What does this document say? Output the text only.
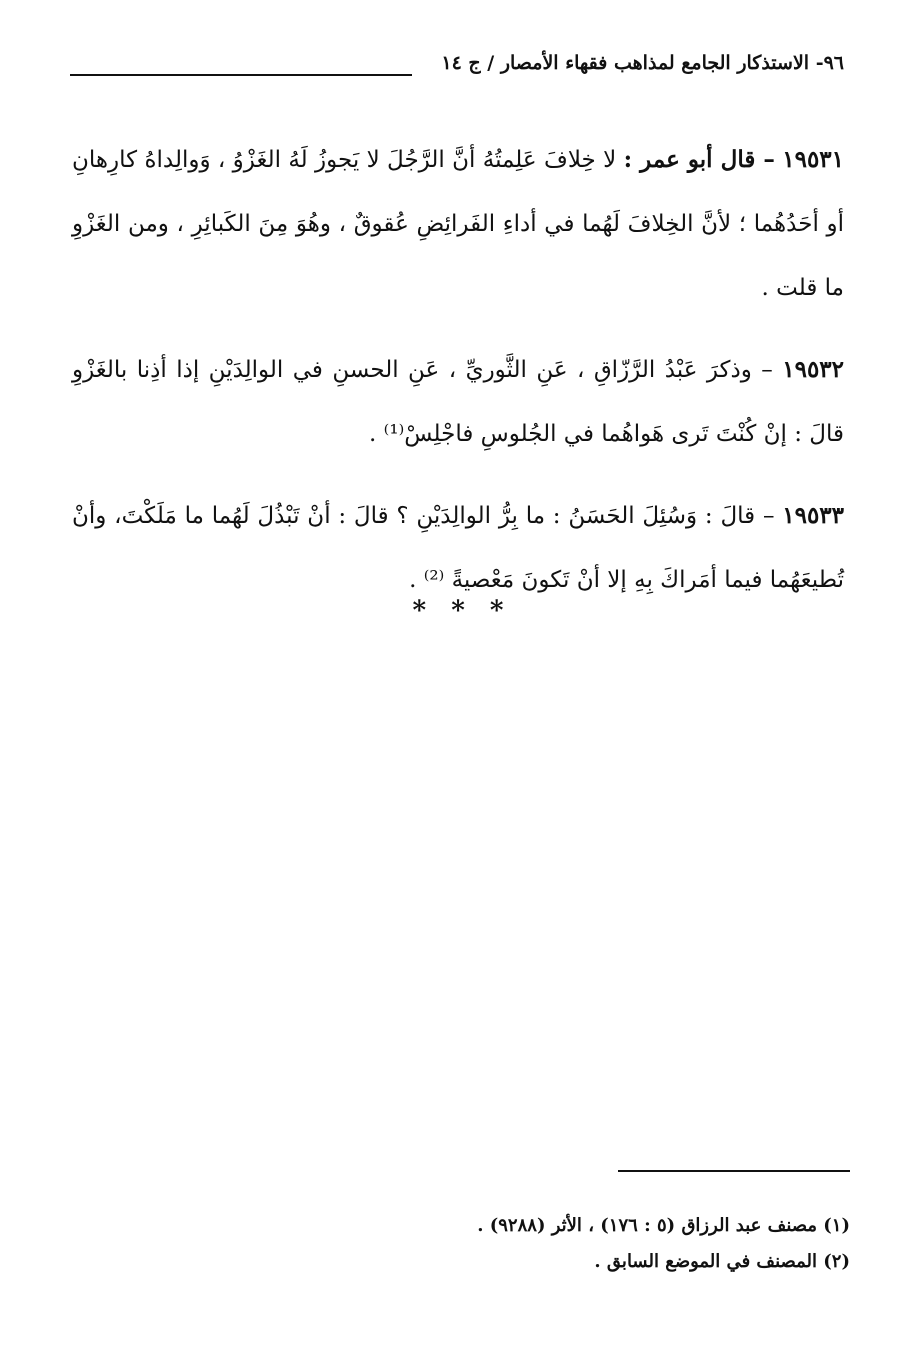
٩٦- الاستذكار الجامع لمذاهب فقهاء الأمصار / ج ١٤

١٩٥٣١ – قال أبو عمر : لا خِلافَ عَلِمتُهُ أنَّ الرَّجُلَ لا يَجوزُ لَهُ الغَزْوُ ، وَوالِداهُ كارِهانِ أو أحَدُهُما ؛ لأنَّ الخِلافَ لَهُما في أداءِ الفَرائِضِ عُقوقٌ ، وهُوَ مِنَ الكَبائِرِ ، ومن الغَزْوِ ما قلت .

١٩٥٣٢ – وذكرَ عَبْدُ الرَّزّاقِ ، عَنِ الثَّوريِّ ، عَنِ الحسنِ في الوالِدَيْنِ إذا أذِنا بالغَزْوِ قالَ : إنْ كُنْتَ تَرى هَواهُما في الجُلوسِ فاجْلِسْ⁽¹⁾ .

١٩٥٣٣ – قالَ : وَسُئِلَ الحَسَنُ : ما بِرُّ الوالِدَيْنِ ؟ قالَ : أنْ تَبْذُلَ لَهُما ما مَلَكْتَ، وأنْ تُطيعَهُما فيما أمَراكَ بِهِ إلا أنْ تَكونَ مَعْصيةً ⁽²⁾ .

* * *

(١) مصنف عبد الرزاق (٥ : ١٧٦) ، الأثر (٩٢٨٨) .

(٢) المصنف في الموضع السابق .
